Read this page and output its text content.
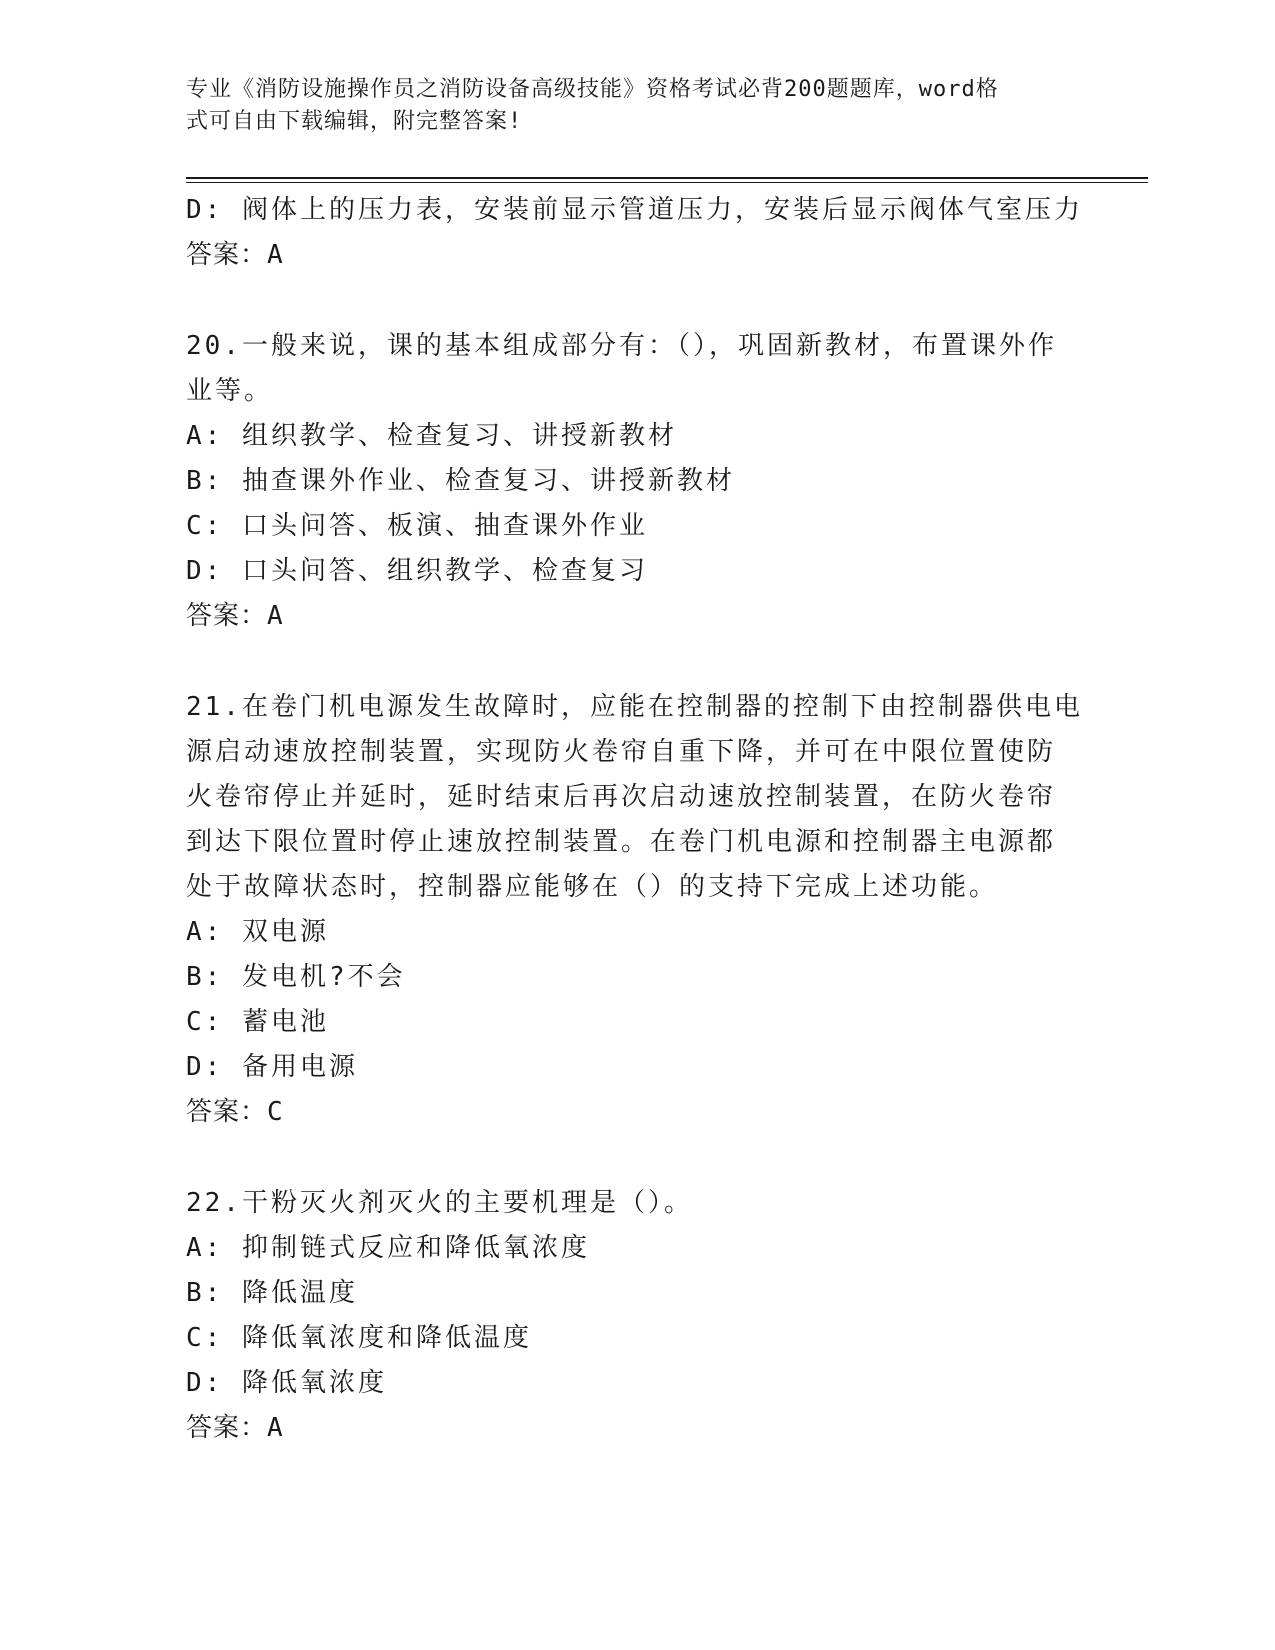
专业《消防设施操作员之消防设备高级技能》资格考试必背200题题库，word格
式可自由下载编辑，附完整答案!
D: 阀体上的压力表，安装前显示管道压力，安装后显示阀体气室压力
答案：A
20.一般来说，课的基本组成部分有：（），巩固新教材，布置课外作
业等。
A: 组织教学、检查复习、讲授新教材
B: 抽查课外作业、检查复习、讲授新教材
C: 口头问答、板演、抽查课外作业
D: 口头问答、组织教学、检查复习
答案：A
21.在卷门机电源发生故障时，应能在控制器的控制下由控制器供电电
源启动速放控制装置，实现防火卷帘自重下降，并可在中限位置使防
火卷帘停止并延时，延时结束后再次启动速放控制装置，在防火卷帘
到达下限位置时停止速放控制装置。在卷门机电源和控制器主电源都
处于故障状态时，控制器应能够在（）的支持下完成上述功能。
A: 双电源
B: 发电机?不会
C: 蓄电池
D: 备用电源
答案：C
22.干粉灭火剂灭火的主要机理是（）。
A: 抑制链式反应和降低氧浓度
B: 降低温度
C: 降低氧浓度和降低温度
D: 降低氧浓度
答案：A
